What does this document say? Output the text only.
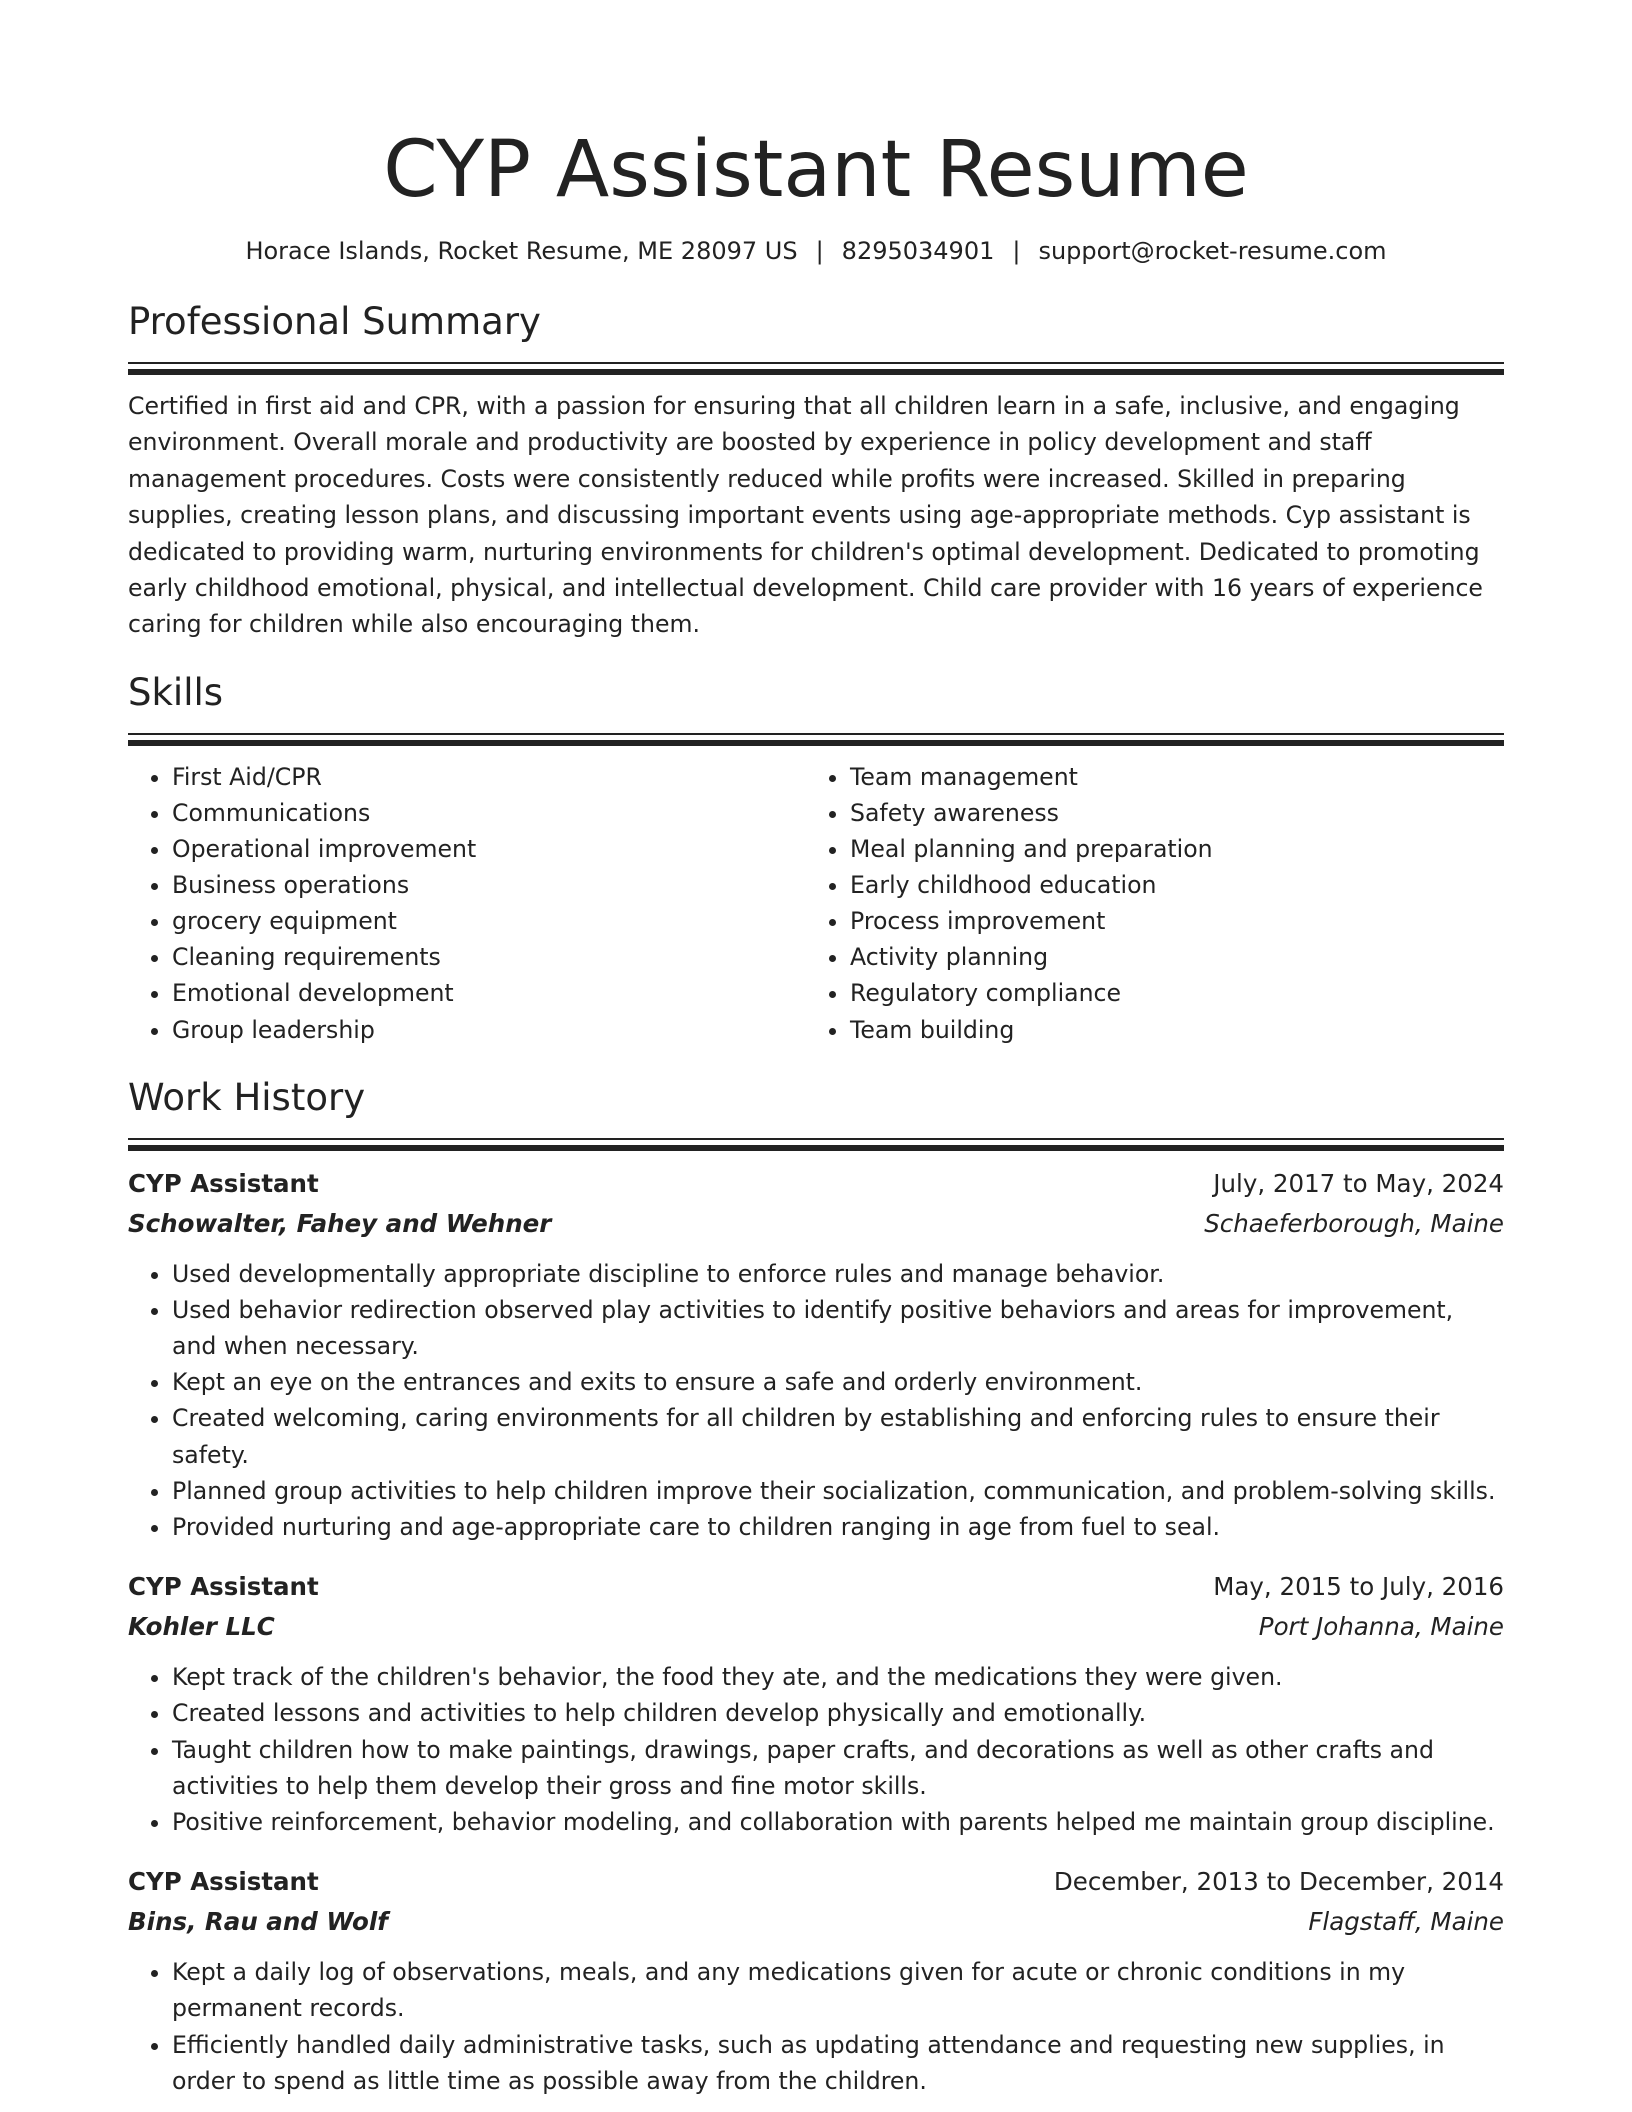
CYP Assistant Resume
Horace Islands, Rocket Resume, ME 28097 US | 8295034901 | support@rocket-resume.com
Professional Summary
Certified in first aid and CPR, with a passion for ensuring that all children learn in a safe, inclusive, and engaging environment. Overall morale and productivity are boosted by experience in policy development and staff management procedures. Costs were consistently reduced while profits were increased. Skilled in preparing supplies, creating lesson plans, and discussing important events using age-appropriate methods. Cyp assistant is dedicated to providing warm, nurturing environments for children's optimal development. Dedicated to promoting early childhood emotional, physical, and intellectual development. Child care provider with 16 years of experience caring for children while also encouraging them.
Skills
• First Aid/CPR
• Communications
• Operational improvement
• Business operations
• grocery equipment
• Cleaning requirements
• Emotional development
• Group leadership
• Team management
• Safety awareness
• Meal planning and preparation
• Early childhood education
• Process improvement
• Activity planning
• Regulatory compliance
• Team building
Work History
CYP Assistant	July, 2017 to May, 2024
Schowalter, Fahey and Wehner	Schaeferborough, Maine
• Used developmentally appropriate discipline to enforce rules and manage behavior.
• Used behavior redirection observed play activities to identify positive behaviors and areas for improvement, and when necessary.
• Kept an eye on the entrances and exits to ensure a safe and orderly environment.
• Created welcoming, caring environments for all children by establishing and enforcing rules to ensure their safety.
• Planned group activities to help children improve their socialization, communication, and problem-solving skills.
• Provided nurturing and age-appropriate care to children ranging in age from fuel to seal.
CYP Assistant	May, 2015 to July, 2016
Kohler LLC	Port Johanna, Maine
• Kept track of the children's behavior, the food they ate, and the medications they were given.
• Created lessons and activities to help children develop physically and emotionally.
• Taught children how to make paintings, drawings, paper crafts, and decorations as well as other crafts and activities to help them develop their gross and fine motor skills.
• Positive reinforcement, behavior modeling, and collaboration with parents helped me maintain group discipline.
CYP Assistant	December, 2013 to December, 2014
Bins, Rau and Wolf	Flagstaff, Maine
• Kept a daily log of observations, meals, and any medications given for acute or chronic conditions in my permanent records.
• Efficiently handled daily administrative tasks, such as updating attendance and requesting new supplies, in order to spend as little time as possible away from the children.
